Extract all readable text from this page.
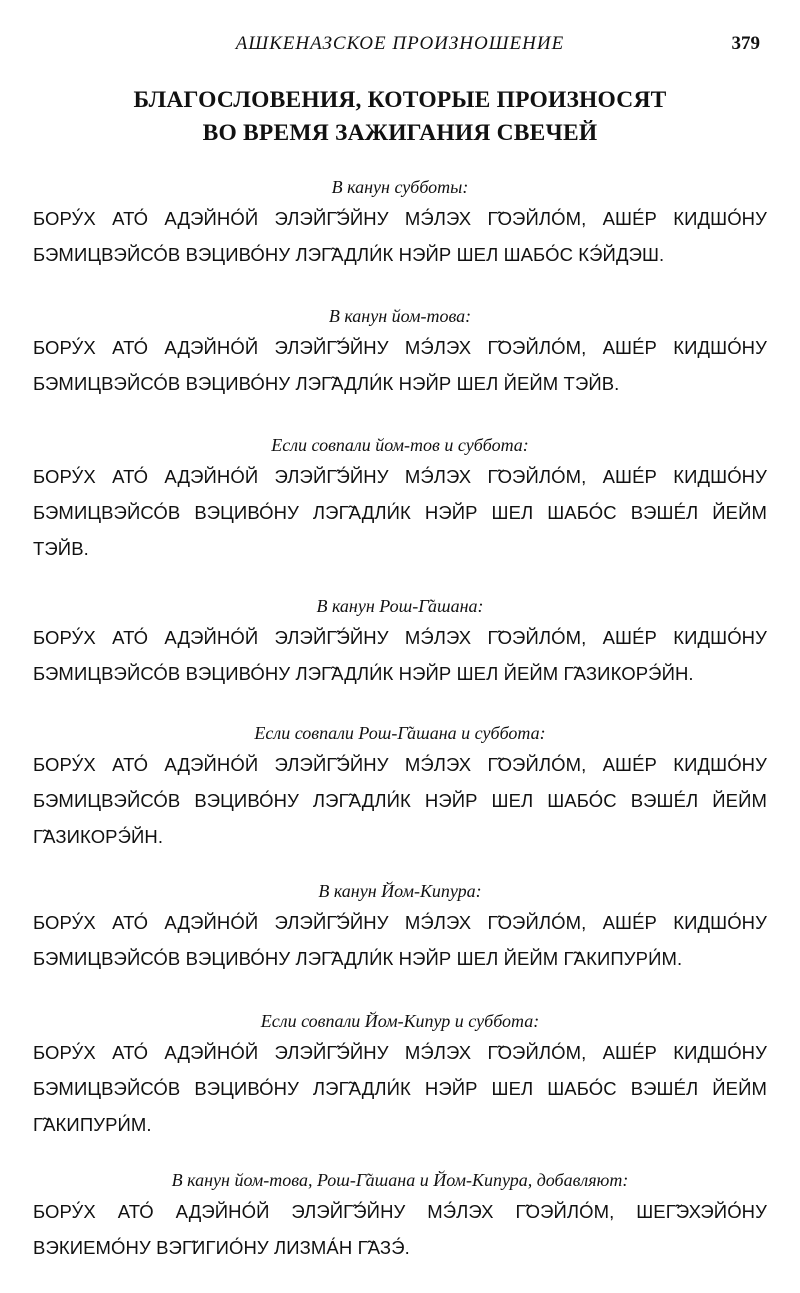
АШКЕНАЗСКОЕ ПРОИЗНОШЕНИЕ	379
БЛАГОСЛОВЕНИЯ, КОТОРЫЕ ПРОИЗНОСЯТ
ВО ВРЕМЯ ЗАЖИГАНИЯ СВЕЧЕЙ
В канун субботы:
БОРУ́Х АТО́ АДЭЙНО́Й ЭЛЭЙГ̃Э́ЙНУ МЭ́ЛЭХ Г̃ОЭЙЛО́М, АШЕ́Р КИДШО́НУ
БЭМИЦВЭЙСО́В ВЭЦИВО́НУ ЛЭГ̃АДЛИ́К НЭЙР ШЕЛ ШАБО́С КЭ́ЙДЭШ.
В канун йом-това:
БОРУ́Х АТО́ АДЭЙНО́Й ЭЛЭЙГ̃Э́ЙНУ МЭ́ЛЭХ Г̃ОЭЙЛО́М, АШЕ́Р КИДШО́НУ
БЭМИЦВЭЙСО́В ВЭЦИВО́НУ ЛЭГ̃АДЛИ́К НЭЙР ШЕЛ ЙЕЙМ ТЭЙВ.
Если совпали йом-тов и суббота:
БОРУ́Х АТО́ АДЭЙНО́Й ЭЛЭЙГ̃Э́ЙНУ МЭ́ЛЭХ Г̃ОЭЙЛО́М, АШЕ́Р КИДШО́НУ
БЭМИЦВЭЙСО́В ВЭЦИВО́НУ ЛЭГ̃АДЛИ́К НЭЙР ШЕЛ ШАБО́С ВЭШЕ́Л ЙЕЙМ
ТЭЙВ.
В канун Рош-Г̃ашана:
БОРУ́Х АТО́ АДЭЙНО́Й ЭЛЭЙГ̃Э́ЙНУ МЭ́ЛЭХ Г̃ОЭЙЛО́М, АШЕ́Р КИДШО́НУ
БЭМИЦВЭЙСО́В ВЭЦИВО́НУ ЛЭГ̃АДЛИ́К НЭЙР ШЕЛ ЙЕЙМ Г̃АЗИКОРЭ́ЙН.
Если совпали Рош-Г̃ашана и суббота:
БОРУ́Х АТО́ АДЭЙНО́Й ЭЛЭЙГ̃Э́ЙНУ МЭ́ЛЭХ Г̃ОЭЙЛО́М, АШЕ́Р КИДШО́НУ
БЭМИЦВЭЙСО́В ВЭЦИВО́НУ ЛЭГ̃АДЛИ́К НЭЙР ШЕЛ ШАБО́С ВЭШЕ́Л ЙЕЙМ
Г̃АЗИКОРЭ́ЙН.
В канун Йом-Кипура:
БОРУ́Х АТО́ АДЭЙНО́Й ЭЛЭЙГ̃Э́ЙНУ МЭ́ЛЭХ Г̃ОЭЙЛО́М, АШЕ́Р КИДШО́НУ
БЭМИЦВЭЙСО́В ВЭЦИВО́НУ ЛЭГ̃АДЛИ́К НЭЙР ШЕЛ ЙЕЙМ Г̃АКИПУРИ́М.
Если совпали Йом-Кипур и суббота:
БОРУ́Х АТО́ АДЭЙНО́Й ЭЛЭЙГ̃Э́ЙНУ МЭ́ЛЭХ Г̃ОЭЙЛО́М, АШЕ́Р КИДШО́НУ
БЭМИЦВЭЙСО́В ВЭЦИВО́НУ ЛЭГ̃АДЛИ́К НЭЙР ШЕЛ ШАБО́С ВЭШЕ́Л ЙЕЙМ
Г̃АКИПУРИ́М.
В канун йом-това, Рош-Г̃ашана и Йом-Кипура, добавляют:
БОРУ́Х АТО́ АДЭЙНО́Й ЭЛЭЙГ̃Э́ЙНУ МЭ́ЛЭХ Г̃ОЭЙЛО́М, ШЕГ̃ЭХЭЙО́НУ
ВЭКИЕМО́НУ ВЭГ̃ИГИО́НУ ЛИЗМА́Н Г̃АЗЭ́.
